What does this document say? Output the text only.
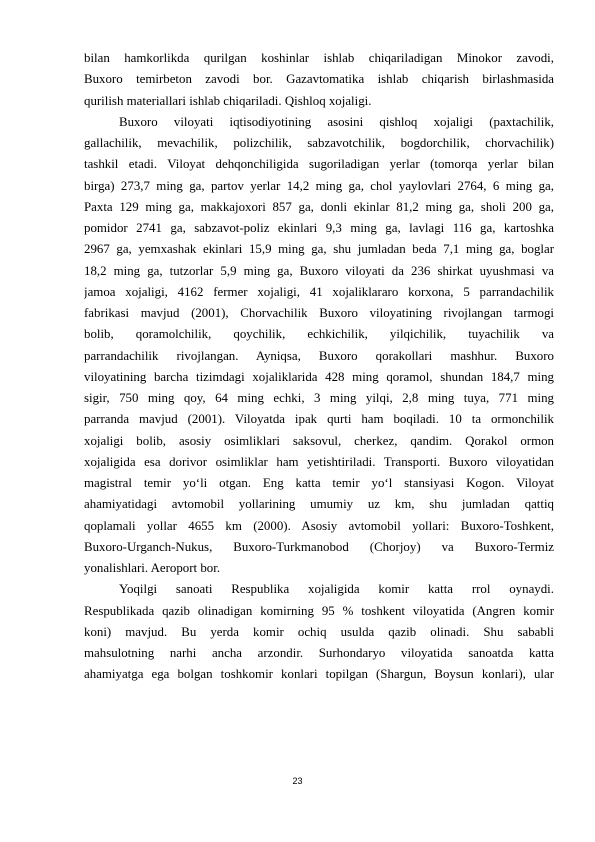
bilan hamkorlikda qurilgan koshinlar ishlab chiqariladigan Minokor zavodi,
Buxoro temirbeton zavodi bor. Gazavtomatika ishlab chiqarish birlashmasida
qurilish materiallari ishlab chiqariladi. Qishloq xojaligi.
Buxoro viloyati iqtisodiyotining asosini qishloq xojaligi (paxtachilik,
gallachilik, mevachilik, polizchilik, sabzavotchilik, bogdorchilik, chorvachilik)
tashkil etadi. Viloyat dehqonchiligida sugoriladigan yerlar (tomorqa yerlar bilan
birga) 273,7 ming ga, partov yerlar 14,2 ming ga, chol yaylovlari 2764, 6 ming ga,
Paxta 129 ming ga, makkajoxori 857 ga, donli ekinlar 81,2 ming ga, sholi 200 ga,
pomidor 2741 ga, sabzavot-poliz ekinlari 9,3 ming ga, lavlagi 116 ga, kartoshka
2967 ga, yemxashak ekinlari 15,9 ming ga, shu jumladan beda 7,1 ming ga, boglar
18,2 ming ga, tutzorlar 5,9 ming ga, Buxoro viloyati da 236 shirkat uyushmasi va
jamoa xojaligi, 4162 fermer xojaligi, 41 xojaliklararo korxona, 5 parrandachilik
fabrikasi mavjud (2001), Chorvachilik Buxoro viloyatining rivojlangan tarmogi
bolib, qoramolchilik, qoychilik, echkichilik, yilqichilik, tuyachilik va
parrandachilik rivojlangan. Ayniqsa, Buxoro qorakollari mashhur. Buxoro
viloyatining barcha tizimdagi xojaliklarida 428 ming qoramol, shundan 184,7 ming
sigir, 750 ming qoy, 64 ming echki, 3 ming yilqi, 2,8 ming tuya, 771 ming
parranda mavjud (2001). Viloyatda ipak qurti ham boqiladi. 10 ta ormonchilik
xojaligi bolib, asosiy osimliklari saksovul, cherkez, qandim. Qorakol ormon
xojaligida esa dorivor osimliklar ham yetishtiriladi. Transporti. Buxoro viloyatidan
magistral temir yo‘li otgan. Eng katta temir yo‘l stansiyasi Kogon. Viloyat
ahamiyatidagi avtomobil yollarining umumiy uz km, shu jumladan qattiq
qoplamali yollar 4655 km (2000). Asosiy avtomobil yollari: Buxoro-Toshkent,
Buxoro-Urganch-Nukus, Buxoro-Turkmanobod (Chorjoy) va Buxoro-Termiz
yonalishlari. Aeroport bor.
Yoqilgi sanoati Respublika xojaligida komir katta rrol oynaydi.
Respublikada qazib olinadigan komirning 95 % toshkent viloyatida (Angren komir
koni) mavjud. Bu yerda komir ochiq usulda qazib olinadi. Shu sababli
mahsulotning narhi ancha arzondir. Surhondaryo viloyatida sanoatda katta
ahamiyatga ega bolgan toshkomir konlari topilgan (Shargun, Boysun konlari), ular
23
